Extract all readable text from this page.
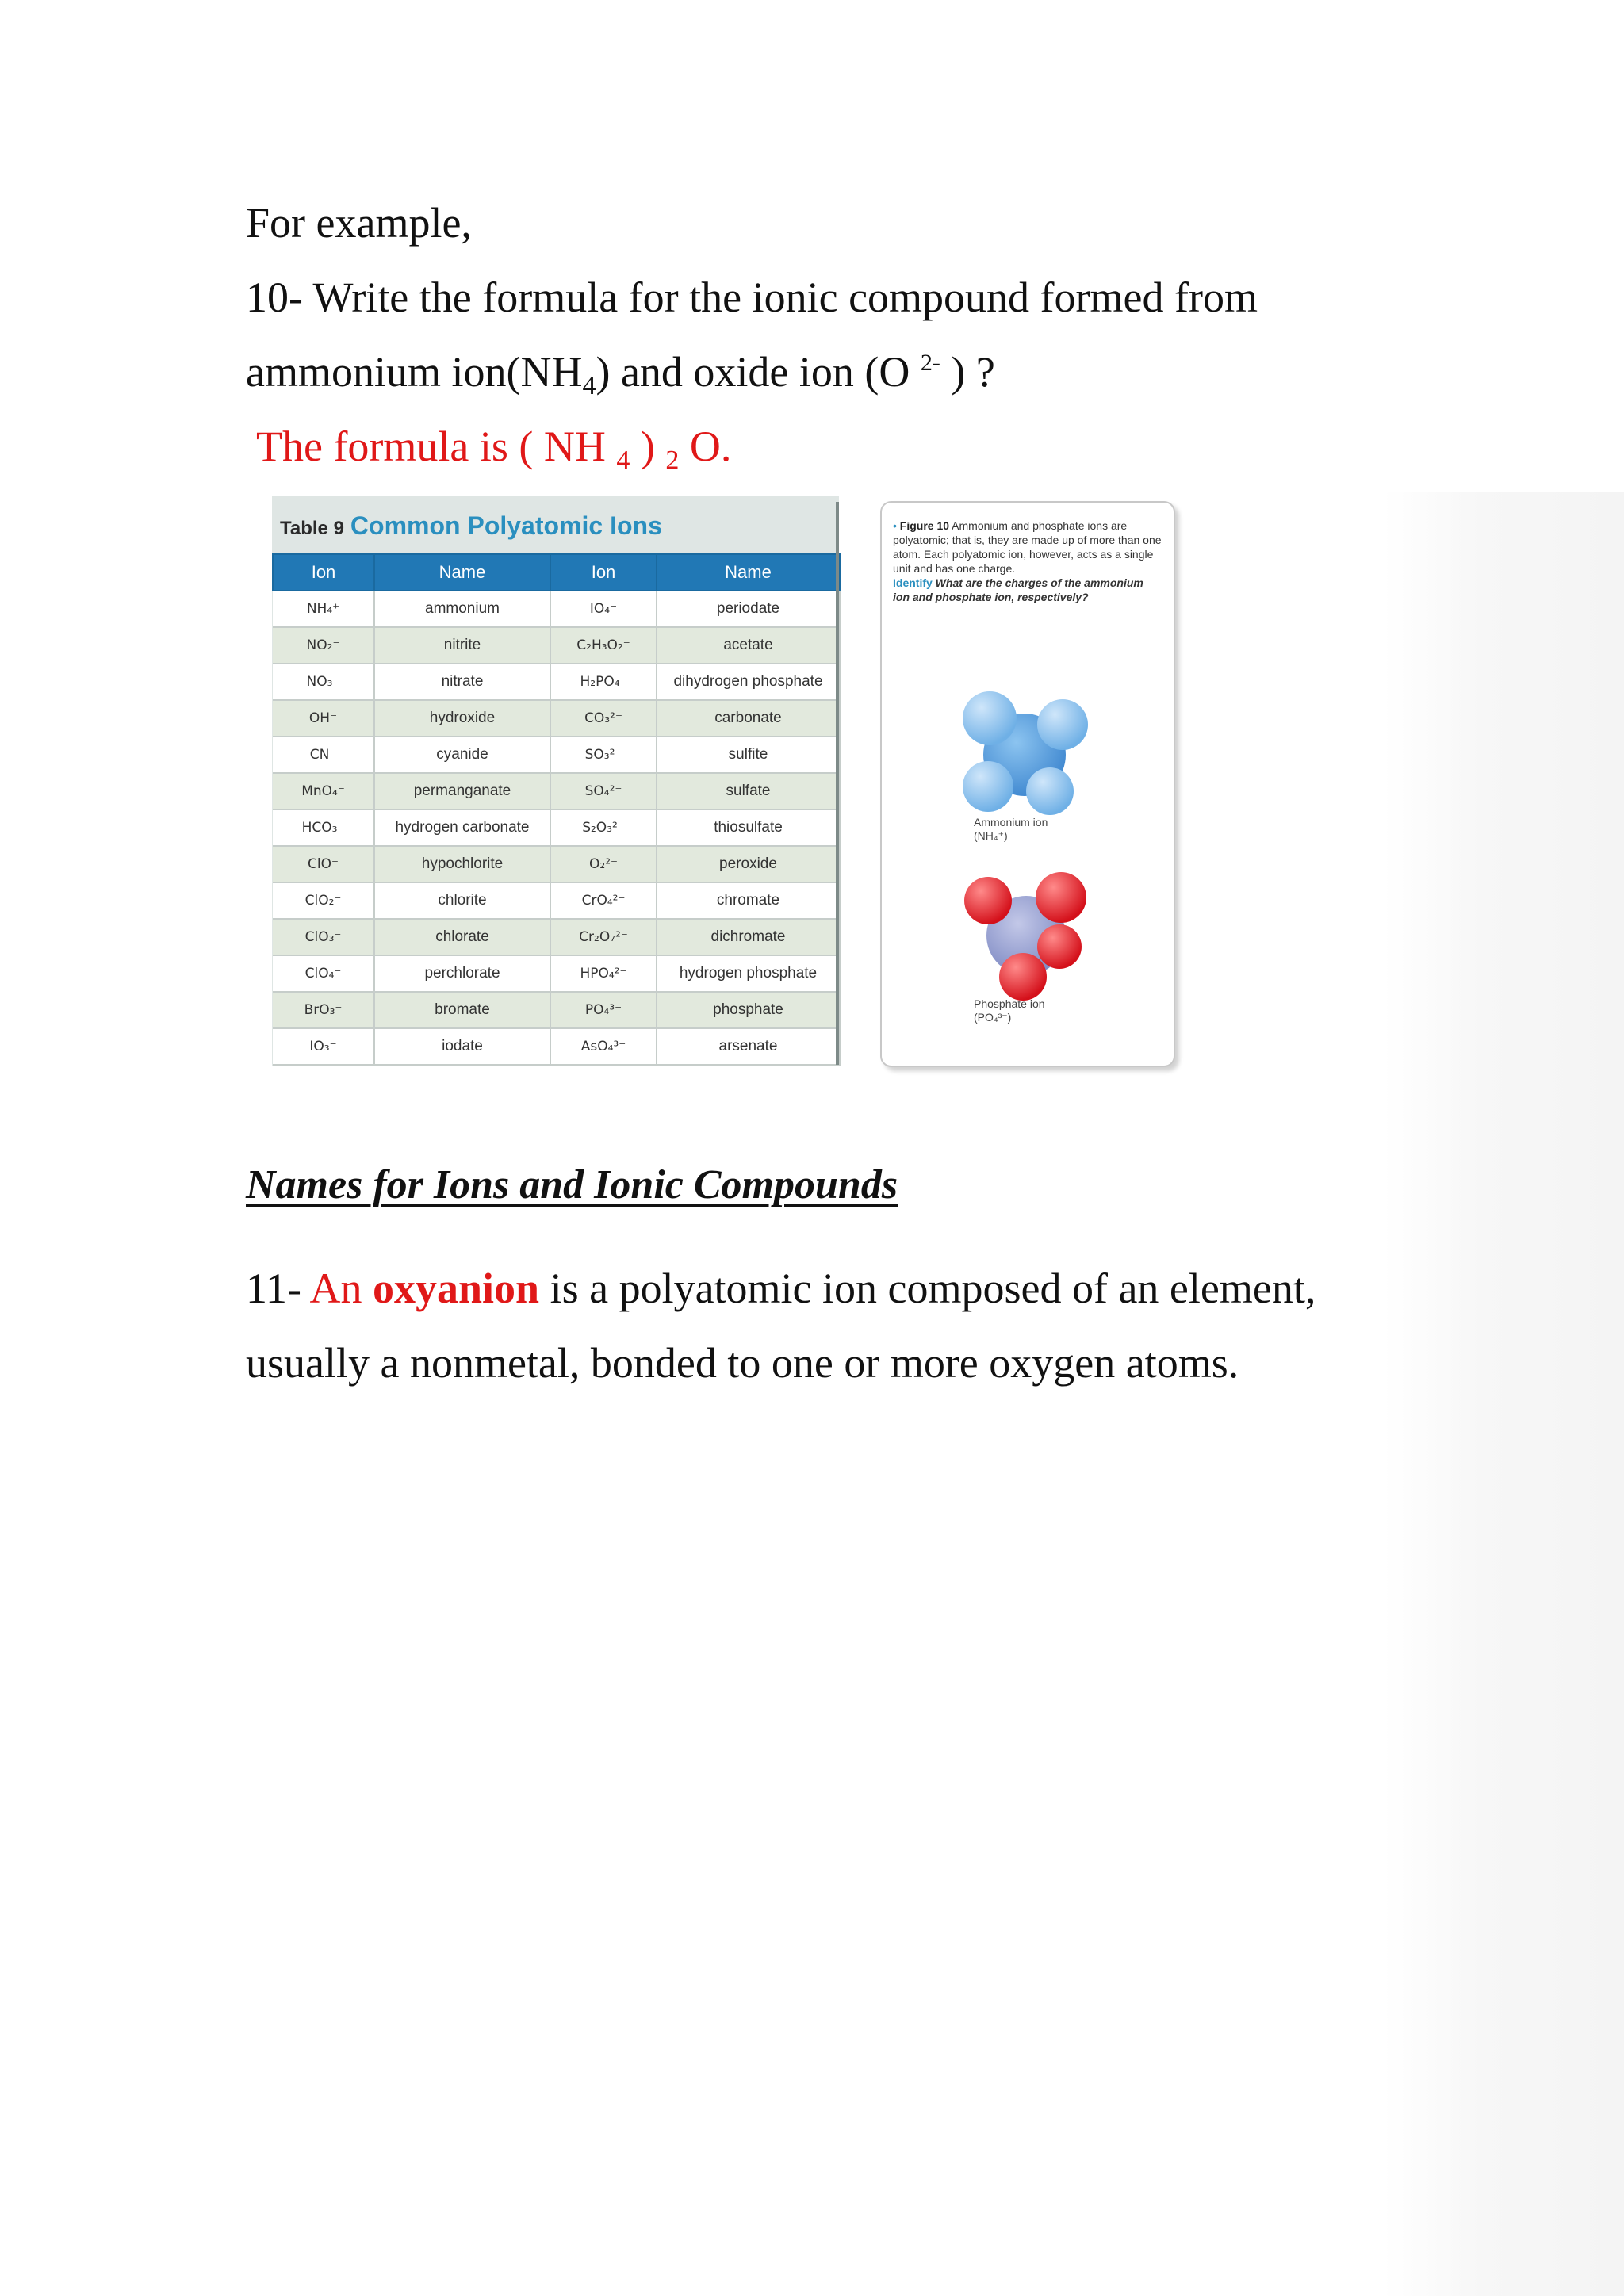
For example,
10- Write the formula for the ionic compound formed from
ammonium $ion(NH_4)$ and oxide ion (O $^{2-}$ ) ?
The formula is ( NH $_4$ ) $_2$ O.
Table 9 Common Polyatomic Ions
Ion	Name	Ion	Name
NH₄⁺	ammonium	IO₄⁻	periodate
NO₂⁻	nitrite	C₂H₃O₂⁻	acetate
NO₃⁻	nitrate	H₂PO₄⁻	dihydrogen phosphate
OH⁻	hydroxide	CO₃²⁻	carbonate
CN⁻	cyanide	SO₃²⁻	sulfite
MnO₄⁻	permanganate	SO₄²⁻	sulfate
HCO₃⁻	hydrogen carbonate	S₂O₃²⁻	thiosulfate
ClO⁻	hypochlorite	O₂²⁻	peroxide
ClO₂⁻	chlorite	CrO₄²⁻	chromate
ClO₃⁻	chlorate	Cr₂O₇²⁻	dichromate
ClO₄⁻	perchlorate	HPO₄²⁻	hydrogen phosphate
BrO₃⁻	bromate	PO₄³⁻	phosphate
IO₃⁻	iodate	AsO₄³⁻	arsenate
• Figure 10 Ammonium and phosphate ions are polyatomic; that is, they are made up of more than one atom. Each polyatomic ion, however, acts as a single unit and has one charge.
Identify What are the charges of the ammonium ion and phosphate ion, respectively?
Ammonium ion
(NH₄⁺)
Phosphate ion
(PO₄³⁻)
Names for Ions and Ionic Compounds
11- An oxyanion is a polyatomic ion composed of an element,
usually a nonmetal, bonded to one or more oxygen atoms.
